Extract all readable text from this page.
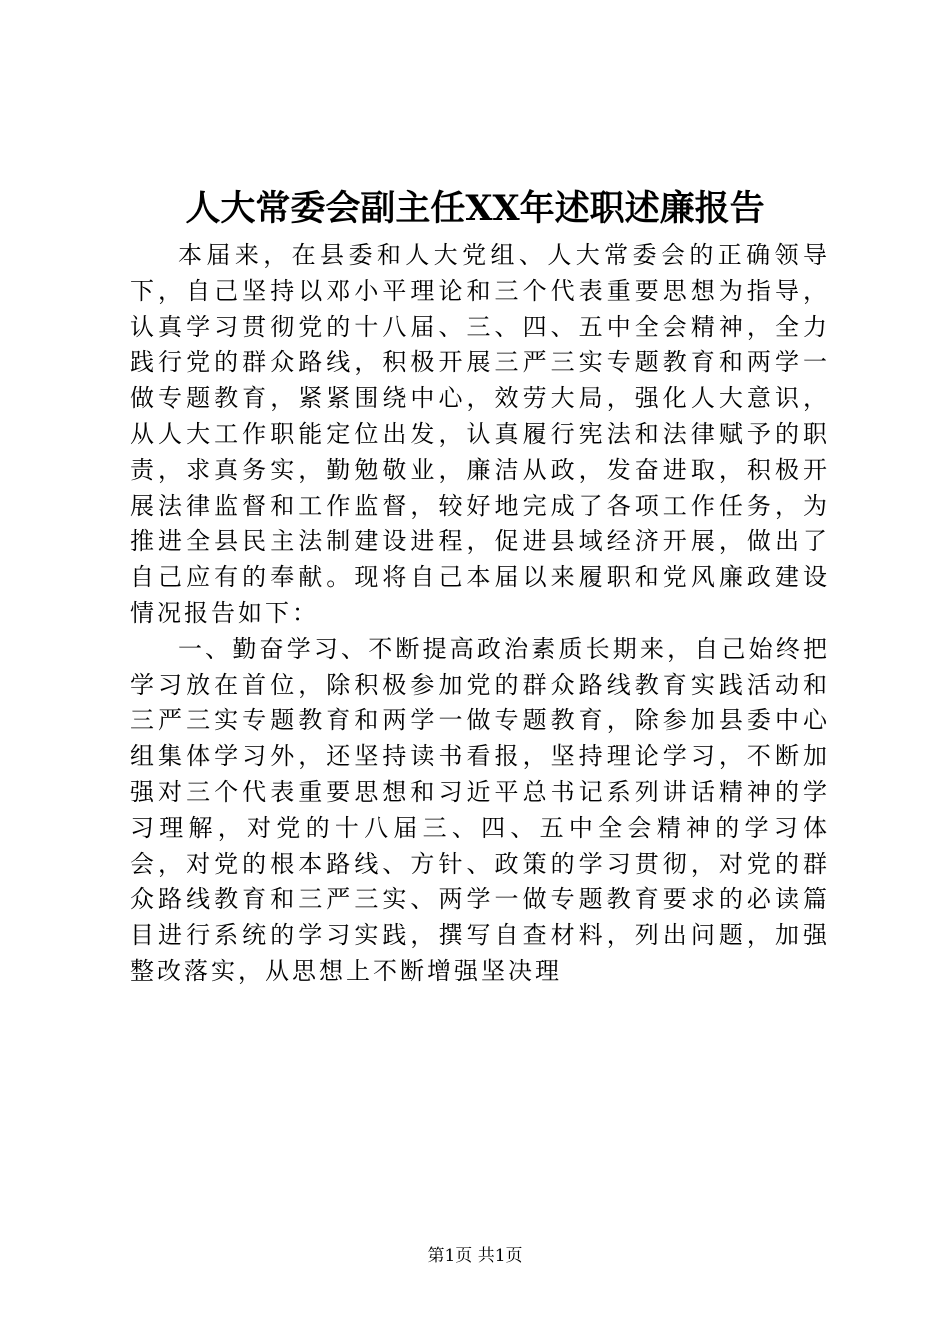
人大常委会副主任XX年述职述廉报告

本届来，在县委和人大党组、人大常委会的正确领导下，自己坚持以邓小平理论和三个代表重要思想为指导，认真学习贯彻党的十八届、三、四、五中全会精神，全力践行党的群众路线，积极开展三严三实专题教育和两学一做专题教育，紧紧围绕中心，效劳大局，强化人大意识，从人大工作职能定位出发，认真履行宪法和法律赋予的职责，求真务实，勤勉敬业，廉洁从政，发奋进取，积极开展法律监督和工作监督，较好地完成了各项工作任务，为推进全县民主法制建设进程，促进县域经济开展，做出了自己应有的奉献。现将自己本届以来履职和党风廉政建设情况报告如下：

一、勤奋学习、不断提高政治素质长期来，自己始终把学习放在首位，除积极参加党的群众路线教育实践活动和三严三实专题教育和两学一做专题教育，除参加县委中心组集体学习外，还坚持读书看报，坚持理论学习，不断加强对三个代表重要思想和习近平总书记系列讲话精神的学习理解，对党的十八届三、四、五中全会精神的学习体会，对党的根本路线、方针、政策的学习贯彻，对党的群众路线教育和三严三实、两学一做专题教育要求的必读篇目进行系统的学习实践，撰写自查材料，列出问题，加强整改落实，从思想上不断增强坚决理

第1页 共1页
